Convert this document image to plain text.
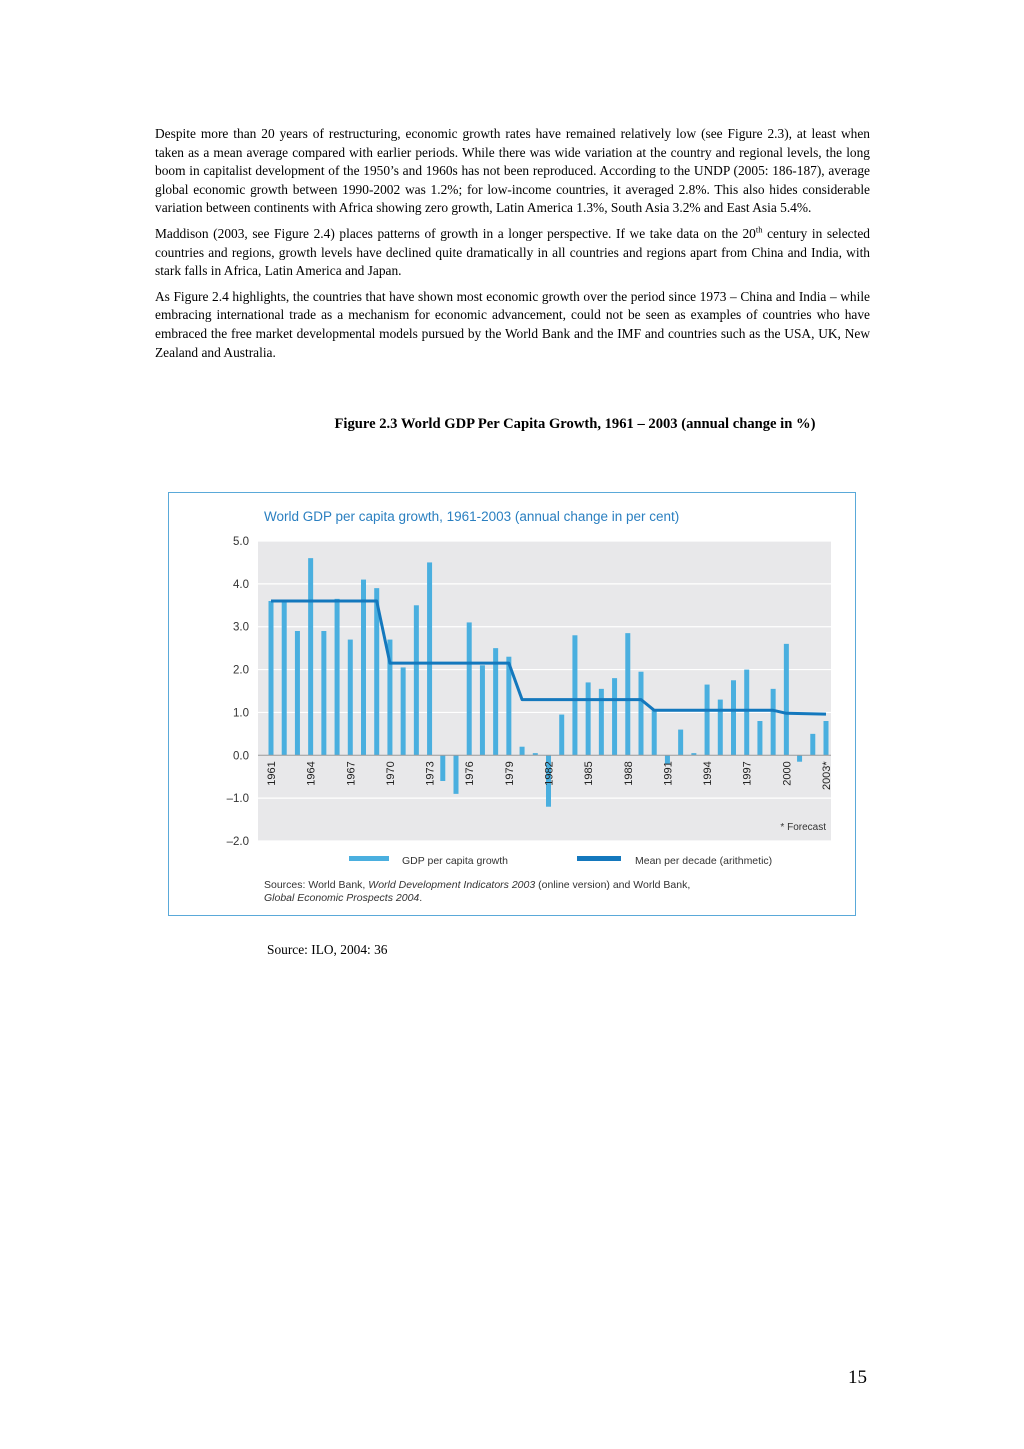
Despite more than 20 years of restructuring, economic growth rates have remained relatively low (see Figure 2.3), at least when taken as a mean average compared with earlier periods. While there was wide variation at the country and regional levels, the long boom in capitalist development of the 1950’s and 1960s has not been reproduced. According to the UNDP (2005: 186-187), average global economic growth between 1990-2002 was 1.2%; for low-income countries, it averaged 2.8%. This also hides considerable variation between continents with Africa showing zero growth, Latin America 1.3%, South Asia 3.2% and East Asia 5.4%.

Maddison (2003, see Figure 2.4) places patterns of growth in a longer perspective. If we take data on the 20th century in selected countries and regions, growth levels have declined quite dramatically in all countries and regions apart from China and India, with stark falls in Africa, Latin America and Japan.

As Figure 2.4 highlights, the countries that have shown most economic growth over the period since 1973 – China and India – while embracing international trade as a mechanism for economic advancement, could not be seen as examples of countries who have embraced the free market developmental models pursued by the World Bank and the IMF and countries such as the USA, UK, New Zealand and Australia.

Figure 2.3 World GDP Per Capita Growth, 1961 – 2003 (annual change in %)
World GDP per capita growth, 1961-2003 (annual change in per cent)
5.0
4.0
3.0
2.0
1.0
0.0
–1.0
–2.0
1961	1964	1967	1970	1973	1976	1979	1982	1985	1988	1991	1994	1997	2000	2003*
* Forecast
GDP per capita growth	Mean per decade (arithmetic)
Sources: World Bank, World Development Indicators 2003 (online version) and World Bank,
Global Economic Prospects 2004.
Source: ILO, 2004: 36
15
